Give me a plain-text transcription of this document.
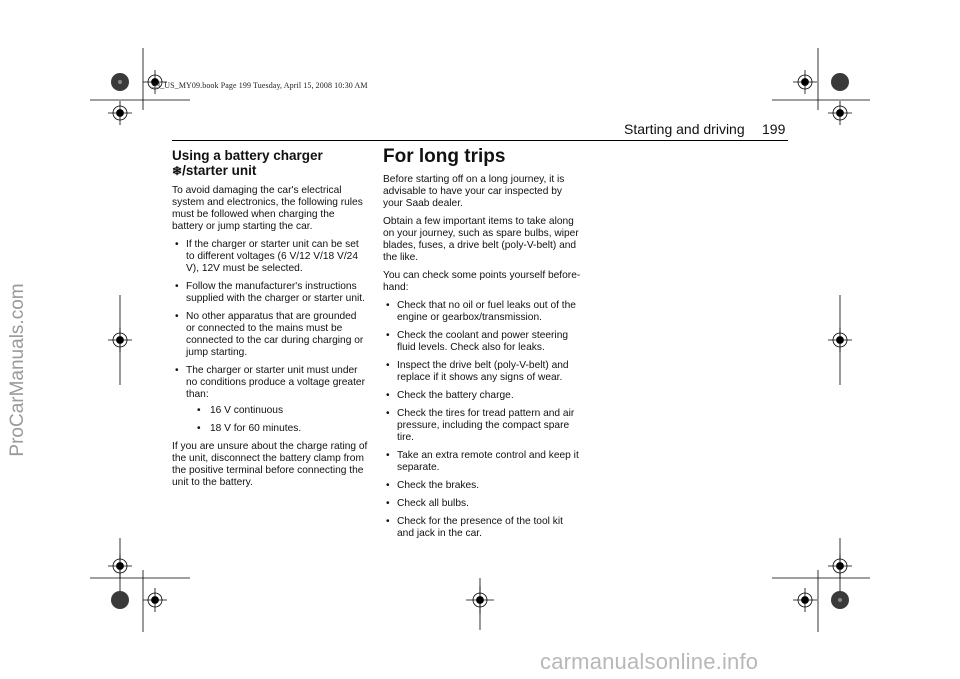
93_US_MY09.book Page 199 Tuesday, April 15, 2008 10:30 AM
Starting and driving 199
Using a battery charger ❄/starter unit

To avoid damaging the car's electrical system and electronics, the following rules must be followed when charging the battery or jump starting the car.

• If the charger or starter unit can be set to different voltages (6 V/12 V/18 V/24 V), 12V must be selected.
• Follow the manufacturer's instructions supplied with the charger or starter unit.
• No other apparatus that are grounded or connected to the mains must be connected to the car during charging or jump starting.
• The charger or starter unit must under no conditions produce a voltage greater than:
• 16 V continuous
• 18 V for 60 minutes.

If you are unsure about the charge rating of the unit, disconnect the battery clamp from the positive terminal before connecting the unit to the battery.

For long trips

Before starting off on a long journey, it is advisable to have your car inspected by your Saab dealer.

Obtain a few important items to take along on your journey, such as spare bulbs, wiper blades, fuses, a drive belt (poly-V-belt) and the like.

You can check some points yourself before-hand:

• Check that no oil or fuel leaks out of the engine or gearbox/transmission.
• Check the coolant and power steering fluid levels. Check also for leaks.
• Inspect the drive belt (poly-V-belt) and replace if it shows any signs of wear.
• Check the battery charge.
• Check the tires for tread pattern and air pressure, including the compact spare tire.
• Take an extra remote control and keep it separate.
• Check the brakes.
• Check all bulbs.
• Check for the presence of the tool kit and jack in the car.
ProCarManuals.com
carmanualsonline.info
